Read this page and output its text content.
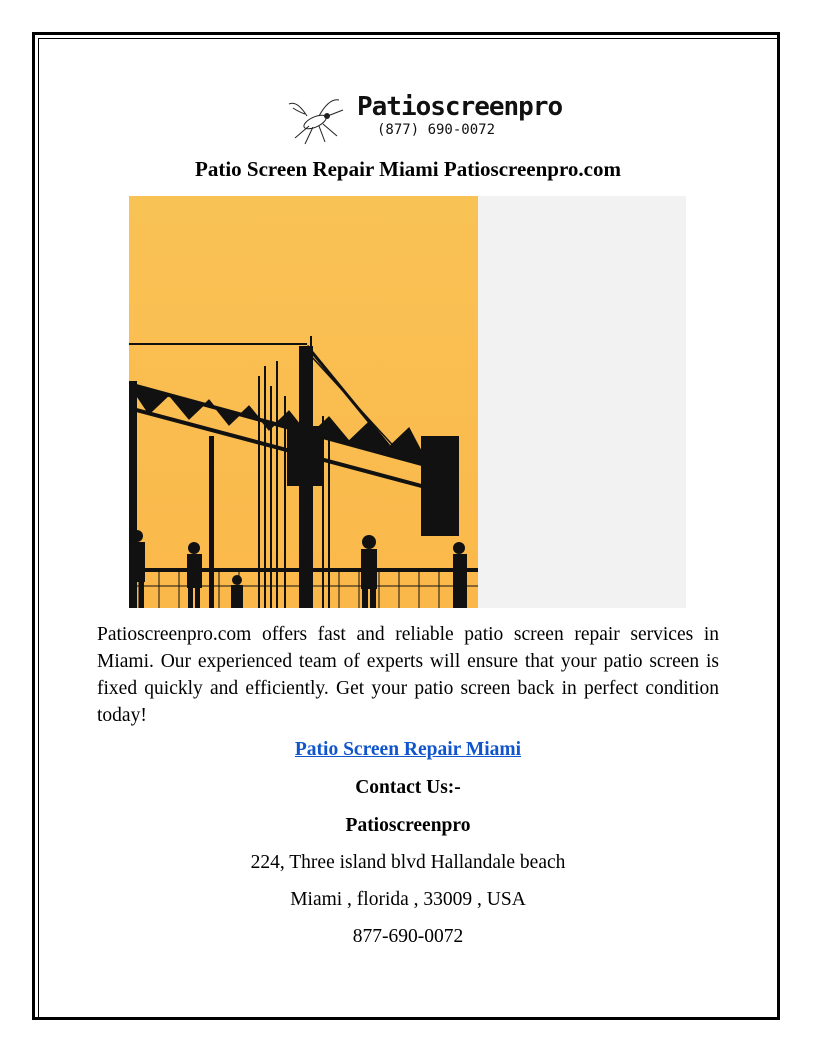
Patioscreenpro
(877) 690-0072
Patio Screen Repair Miami Patioscreenpro.com
Patioscreenpro.com offers fast and reliable patio screen repair services in Miami. Our experienced team of experts will ensure that your patio screen is fixed quickly and efficiently. Get your patio screen back in perfect condition today!
Patio Screen Repair Miami
Contact Us:-
Patioscreenpro
224, Three island blvd Hallandale beach
Miami , florida , 33009 , USA
877-690-0072
